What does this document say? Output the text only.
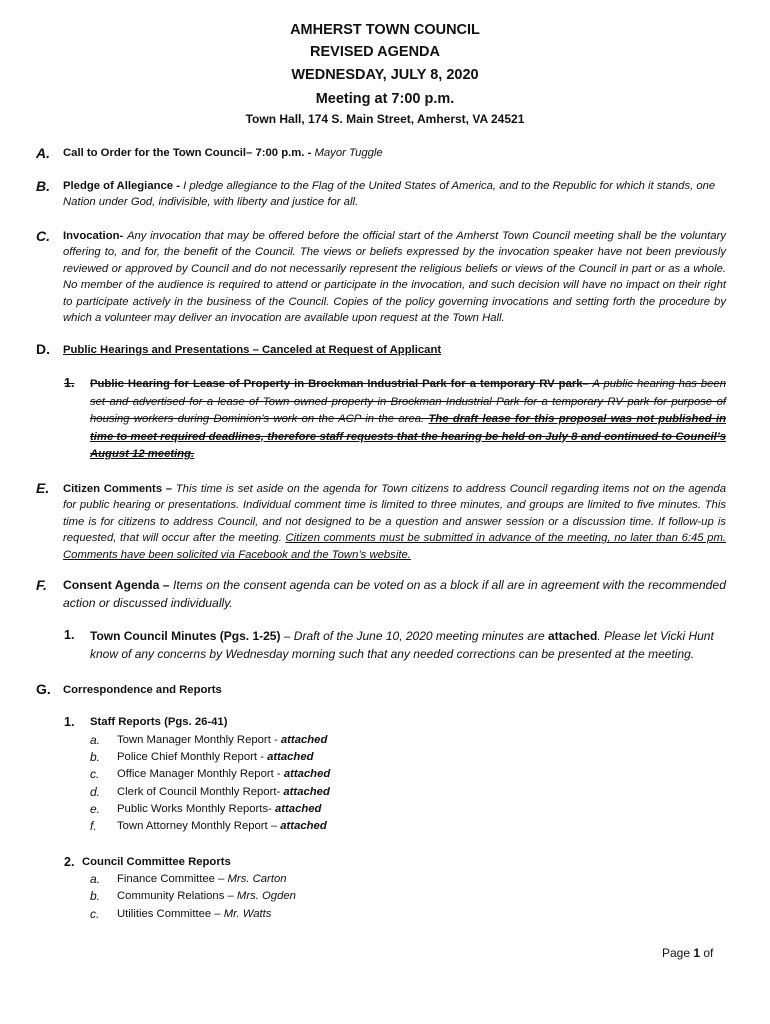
AMHERST TOWN COUNCIL
REVISED AGENDA
WEDNESDAY, JULY 8, 2020
Meeting at 7:00 p.m.
Town Hall, 174 S. Main Street, Amherst, VA 24521
A. Call to Order for the Town Council– 7:00 p.m. - Mayor Tuggle
B. Pledge of Allegiance - I pledge allegiance to the Flag of the United States of America, and to the Republic for which it stands, one Nation under God, indivisible, with liberty and justice for all.
C. Invocation- Any invocation that may be offered before the official start of the Amherst Town Council meeting shall be the voluntary offering to, and for, the benefit of the Council. The views or beliefs expressed by the invocation speaker have not been previously reviewed or approved by Council and do not necessarily represent the religious beliefs or views of the Council in part or as a whole. No member of the audience is required to attend or participate in the invocation, and such decision will have no impact on their right to participate actively in the business of the Council. Copies of the policy governing invocations and setting forth the procedure by which a volunteer may deliver an invocation are available upon request at the Town Hall.
D. Public Hearings and Presentations – Canceled at Request of Applicant
1. Public Hearing for Lease of Property in Brockman Industrial Park for a temporary RV park– A public hearing has been set and advertised for a lease of Town owned property in Brockman Industrial Park for a temporary RV park for purpose of housing workers during Dominion’s work on the ACP in the area. The draft lease for this proposal was not published in time to meet required deadlines, therefore staff requests that the hearing be held on July 8 and continued to Council’s August 12 meeting.
E. Citizen Comments – This time is set aside on the agenda for Town citizens to address Council regarding items not on the agenda for public hearing or presentations. Individual comment time is limited to three minutes, and groups are limited to five minutes. This time is for citizens to address Council, and not designed to be a question and answer session or a discussion time. If follow-up is requested, that will occur after the meeting. Citizen comments must be submitted in advance of the meeting, no later than 6:45 pm. Comments have been solicited via Facebook and the Town’s website.
F. Consent Agenda – Items on the consent agenda can be voted on as a block if all are in agreement with the recommended action or discussed individually.
1. Town Council Minutes (Pgs. 1-25) – Draft of the June 10, 2020 meeting minutes are attached. Please let Vicki Hunt know of any concerns by Wednesday morning such that any needed corrections can be presented at the meeting.
G. Correspondence and Reports
1. Staff Reports (Pgs. 26-41)
a. Town Manager Monthly Report - attached
b. Police Chief Monthly Report - attached
c. Office Manager Monthly Report - attached
d. Clerk of Council Monthly Report- attached
e. Public Works Monthly Reports- attached
f. Town Attorney Monthly Report – attached
2. Council Committee Reports
a. Finance Committee – Mrs. Carton
b. Community Relations – Mrs. Ogden
c. Utilities Committee – Mr. Watts
Page 1 of
